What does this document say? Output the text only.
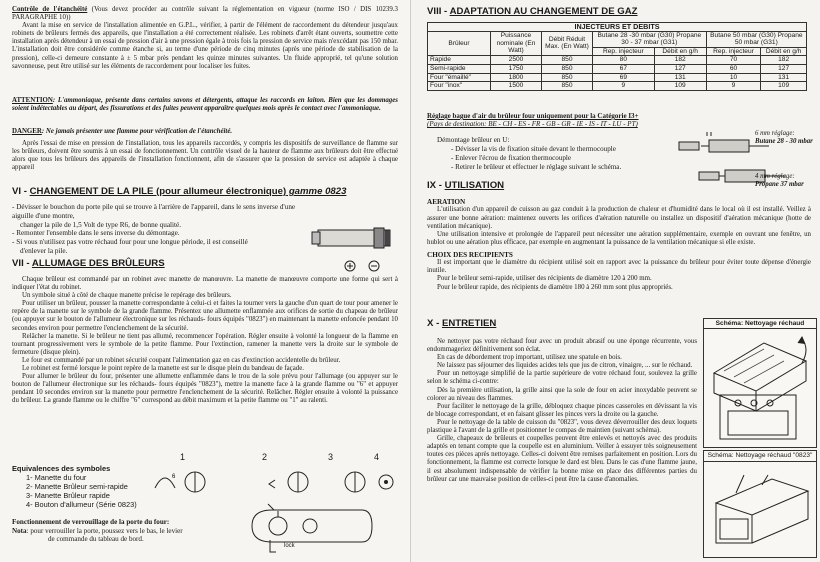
Contrôle de l'étanchéité (Vous devez procéder au contrôle suivant la réglementation en vigueur (norme ISO / DIS 10239.3 PARAGRAPHE 10))

Avant la mise en service de l'installation alimentée en G.P.L., vérifier, à partir de l'élément de raccordement du détendeur jusqu'aux robinets de brûleurs fermés des appareils, que l'installation a été correctement réalisée. Les robinets d'arrêt étant ouverts, soumettre cette installation après détendeur à un essai de pression d'air à une pression égale à trois fois la pression de service mais n'excédant pas 150 mbar. L'installation doit être considérée comme étanche si, au terme d'une période de cinq minutes (après une période de stabilisation de la pression), celle-ci demeure constante à ± 5 mbar près pendant les quinze minutes suivantes. Un fluide approprié, tel qu'une solution savonneuse, peut être utilisé sur les éléments de raccordement pour localiser les fuites.

ATTENTION: L'ammoniaque, présente dans certains savons et détergents, attaque les raccords en laiton. Bien que les dommages soient indétectables au départ, des fissurations et des fuites peuvent apparaître quelques mois après le contact avec l'ammoniaque.

DANGER: Ne jamais présenter une flamme pour vérification de l'étanchéité.

Après l'essai de mise en pression de l'installation, tous les appareils raccordés, y compris les dispositifs de surveillance de flamme sur les brûleurs, doivent être soumis à un essai de fonctionnement. Un contrôle visuel de la hauteur de flamme aux brûleurs doit être effectué alors que tous les brûleurs des appareils de l'installation fonctionnent, afin de s'assurer que la pression de service est adaptée à chaque appareil

VI - CHANGEMENT DE LA PILE (pour allumeur électronique) gamme 0823
- Dévisser le bouchon du porte pile qui se trouve à l'arrière de l'appareil, dans le sens inverse d'une aiguille d'une montre,
changer la pile de 1,5 Volt de type R6, de bonne qualité.
- Remonter l'ensemble dans le sens inverse du démontage.
- Si vous n'utilisez pas votre réchaud four pour une longue période, il est conseillé
d'enlever la pile.
VII - ALLUMAGE DES BRÛLEURS

Chaque brûleur est commandé par un robinet avec manette de manœuvre. La manette de manœuvre comporte une forme qui sert à indiquer l'état du robinet.

Un symbole situé à côté de chaque manette précise le repérage des brûleurs.

Pour utiliser un brûleur, pousser la manette correspondante à celui-ci et faites la tourner vers la gauche d'un quart de tour pour amener le repère de la manette sur le symbole de la grande flamme. Présentez une allumette enflammée aux orifices de sortie du chapeau de brûleur (ou appuyer sur le bouton de l'allumeur électronique sur les réchauds- fours équipés "0823") en maintenant la manette enfoncée pendant 10 secondes environ pour permettre l'enclenchement de la sécurité.

Relâcher la manette. Si le brûleur ne tient pas allumé, recommencer l'opération. Régler ensuite à volonté la longueur de la flamme en tournant progressivement vers le symbole de la petite flamme. Pour l'extinction, ramener la manette vers la droite sur le symbole de fermeture (disque plein).

Le four est commandé par un robinet sécurité coupant l'alimentation gaz en cas d'extinction accidentelle du brûleur.

Le robinet est fermé lorsque le point repère de la manette est sur le disque plein du bandeau de façade.

Pour allumer le brûleur du four, présenter une allumette enflammée dans le trou de la sole prévu pour l'allumage (ou appuyer sur le bouton de l'allumeur électronique sur les réchauds- fours équipés "0823"), mettre la manette face à la grande flamme ou "6" et appuyer pendant 10 secondes environ sur la manette pour permettre l'enclenchement de la sécurité. Relâcher. Régler ensuite à volonté la puissance du brûleur. La grande flamme ou le chiffre "6" correspond au débit maximum et la petite flamme ou "1" au ralenti.

1	2	3	4
6
Equivalences des symboles
1- Manette du four
2- Manette Brûleur semi-rapide
3- Manette Brûleur rapide
4- Bouton d'allumeur (Série 0823)
Fonctionnement de verrouillage de la porte du four:
Nota: pour verrouiller la porte, poussez vers le bas, le levier
de commande du tableau de bord.
lock
VIII - ADAPTATION AU CHANGEMENT DE GAZ
INJECTEURS ET DEBITS						
Brûleur	Puissance nominale (En Watt)	Débit Réduit Max. (En Watt)	Butane 28 -30 mbar (G30) Propane 30 - 37 mbar (G31)		Butane 50 mbar (G30) Propane 50 mbar (G31)	
			Rep. injecteur	Débit en g/h	Rep. injecteur	Débit en g/h
Rapide	2500	850	80	182	70	182
Semi-rapide	1750	850	67	127	60	127
Four "émaillé"	1800	850	69	131	10	131
Four "inox"	1500	850	9	109	9	109
Réglage bague d'air du brûleur four uniquement pour la Catégorie I3+
(Pays de destination: BE - CH - ES - FR - GB - GR - IE - IS - IT - LU - PT)
Démontage brûleur en U:
- Dévisser la vis de fixation située devant le thermocouple
- Enlever l'écrou de fixation thermocouple
- Retirer le brûleur et effectuer le réglage suivant le schéma.
6 mm réglage:
Butane 28 - 30 mbar
4 mm réglage:
Propane 37 mbar
IX - UTILISATION
AERATION

L'utilisation d'un appareil de cuisson au gaz conduit à la production de chaleur et d'humidité dans le local où il est installé. Veillez à assurer une bonne aération: maintenez ouverts les orifices d'aération naturelle ou installez un dispositif d'aération mécanique (hotte de ventilation mécanique).

Une utilisation intensive et prolongée de l'appareil peut nécessiter une aération supplémentaire, exemple en ouvrant une fenêtre, un hublot ou une aération plus efficace, par exemple en augmentant la puissance de la ventilation mécanique si elle existe.

CHOIX DES RECIPIENTS

Il est important que le diamètre du récipient utilisé soit en rapport avec la puissance du brûleur pour éviter toute dépense d'énergie inutile.

Pour le brûleur semi-rapide, utiliser des récipients de diamètre 120 à 200 mm.

Pour le brûleur rapide, des récipients de diamètre 180 à 260 mm sont plus appropriés.

X - ENTRETIEN

Ne nettoyer pas votre réchaud four avec un produit abrasif ou une éponge récurrente, vous endommageriez définitivement son éclat.

En cas de débordement trop important, utilisez une spatule en bois.

Ne laissez pas séjourner des liquides acides tels que jus de citron, vinaigre, ... sur le réchaud.

Pour un nettoyage simplifié de la partie supérieure de votre réchaud four, soulevez la grille selon le schéma ci-contre:

Dès la première utilisation, la grille ainsi que la sole de four en acier inoxydable peuvent se colorer au niveau des flammes.

Pour faciliter le nettoyage de la grille, débloquez chaque pinces casseroles en dévissant la vis de blocage correspondant, et en faisant glisser les pinces vers la droite ou la gauche.

Pour le nettoyage de la table de cuisson du "0823", vous devez déverrouiller des deux loquets plastique à l'avant de la grille et positionner le compas de maintien (suivant schéma).

Grille, chapeaux de brûleurs et coupelles peuvent être enlevés et nettoyés avec des produits adaptés en tenant compte que la coupelle est en aluminium. Veiller à essuyer très soigneusement toutes ces pièces après nettoyage. Celles-ci doivent être remises parfaitement en position. Lors du fonctionnement, la flamme est correcte lorsque le dard est bleu. Dans le cas d'une flamme jaune, il est absolument indispensable de vérifier la bonne mise en place des différentes parties du brûleur car une mauvaise position de celles-ci peut être la cause d'anomalies.

Schéma: Nettoyage réchaud
Schéma: Nettoyage réchaud "0823"
